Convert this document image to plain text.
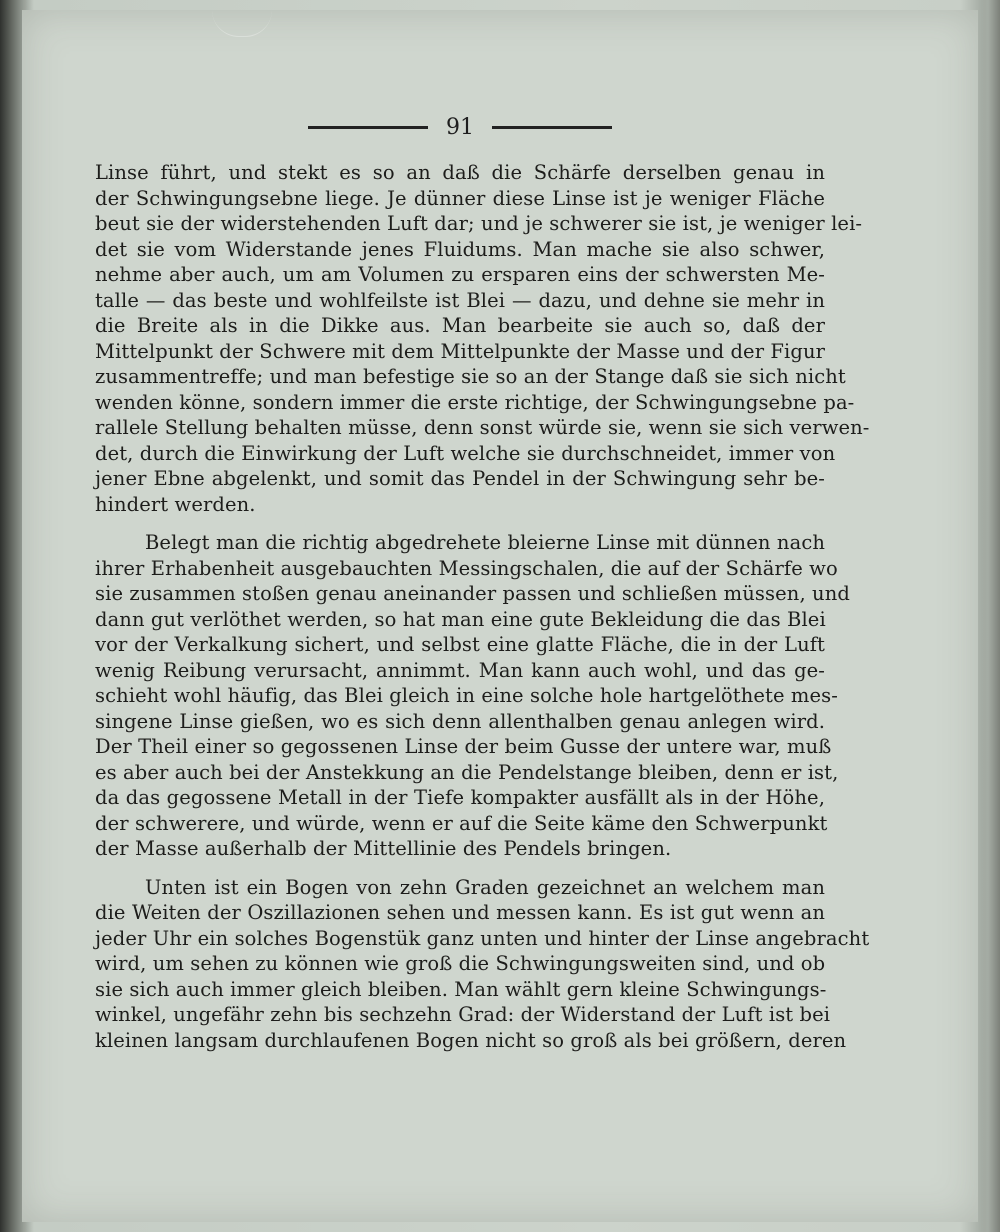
91
Linse führt, und stekt es so an daß die Schärfe derselben genau in
der Schwingungsebne liege. Je dünner diese Linse ist je weniger Fläche
beut sie der widerstehenden Luft dar; und je schwerer sie ist, je weniger lei-
det sie vom Widerstande jenes Fluidums. Man mache sie also schwer,
nehme aber auch, um am Volumen zu ersparen eins der schwersten Me-
talle — das beste und wohlfeilste ist Blei — dazu, und dehne sie mehr in
die Breite als in die Dikke aus. Man bearbeite sie auch so, daß der
Mittelpunkt der Schwere mit dem Mittelpunkte der Masse und der Figur
zusammentreffe; und man befestige sie so an der Stange daß sie sich nicht
wenden könne, sondern immer die erste richtige, der Schwingungsebne pa-
rallele Stellung behalten müsse, denn sonst würde sie, wenn sie sich verwen-
det, durch die Einwirkung der Luft welche sie durchschneidet, immer von
jener Ebne abgelenkt, und somit das Pendel in der Schwingung sehr be-
hindert werden.
Belegt man die richtig abgedrehete bleierne Linse mit dünnen nach
ihrer Erhabenheit ausgebauchten Messingschalen, die auf der Schärfe wo
sie zusammen stoßen genau aneinander passen und schließen müssen, und
dann gut verlöthet werden, so hat man eine gute Bekleidung die das Blei
vor der Verkalkung sichert, und selbst eine glatte Fläche, die in der Luft
wenig Reibung verursacht, annimmt. Man kann auch wohl, und das ge-
schieht wohl häufig, das Blei gleich in eine solche hole hartgelöthete mes-
singene Linse gießen, wo es sich denn allenthalben genau anlegen wird.
Der Theil einer so gegossenen Linse der beim Gusse der untere war, muß
es aber auch bei der Anstekkung an die Pendelstange bleiben, denn er ist,
da das gegossene Metall in der Tiefe kompakter ausfällt als in der Höhe,
der schwerere, und würde, wenn er auf die Seite käme den Schwerpunkt
der Masse außerhalb der Mittellinie des Pendels bringen.
Unten ist ein Bogen von zehn Graden gezeichnet an welchem man
die Weiten der Oszillazionen sehen und messen kann. Es ist gut wenn an
jeder Uhr ein solches Bogenstük ganz unten und hinter der Linse angebracht
wird, um sehen zu können wie groß die Schwingungsweiten sind, und ob
sie sich auch immer gleich bleiben. Man wählt gern kleine Schwingungs-
winkel, ungefähr zehn bis sechzehn Grad: der Widerstand der Luft ist bei
kleinen langsam durchlaufenen Bogen nicht so groß als bei größern, deren
